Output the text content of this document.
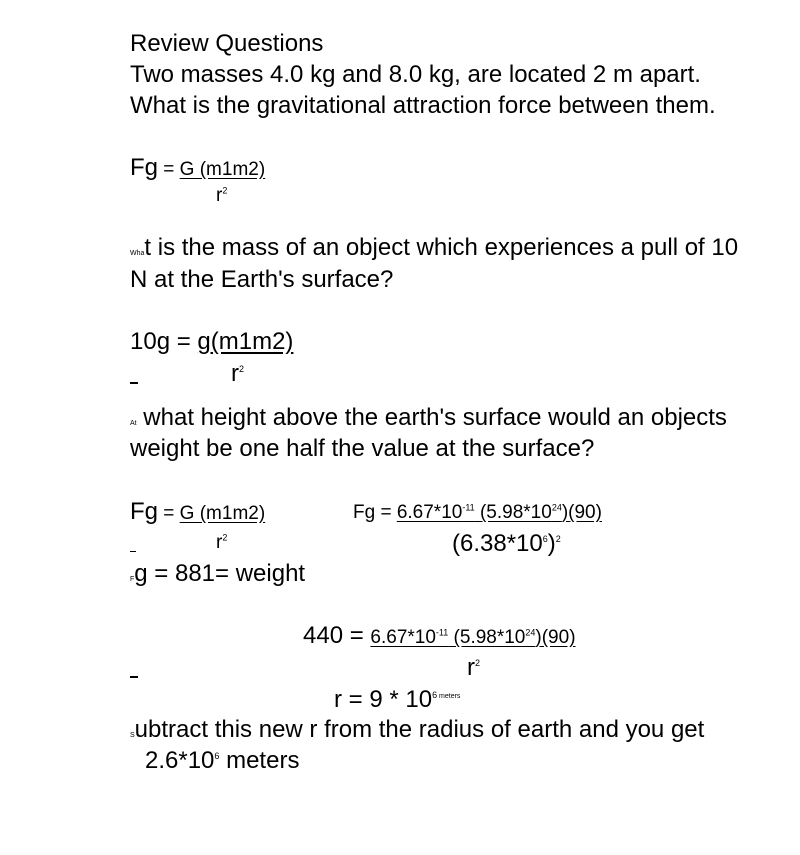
Review Questions
Two masses 4.0 kg and 8.0 kg, are located 2 m apart.
What is the gravitational attraction force between them.
Fg = G (m1m2)
$r^2$
What is the mass of an object which experiences a pull of 10
N at the Earth's surface?
10g = g(m1m2)
$r^2$
At what height above the earth's surface would an objects
weight be one half the value at the surface?
Fg = G (m1m2)
$r^2$
$Fg = 6.67*10^{-11}$ $(5.98*10^{24})(90)$
$(6.38*10^6)^2$
Fg = 881= weight
$440 = 6.67*10^{-11}$ $(5.98*10^{24})(90)$
$r^2$
$r = 9 * 10^6$ $^{meters}$
Subtract this new r from the radius of earth and you get
$2.6*10^6$ meters
